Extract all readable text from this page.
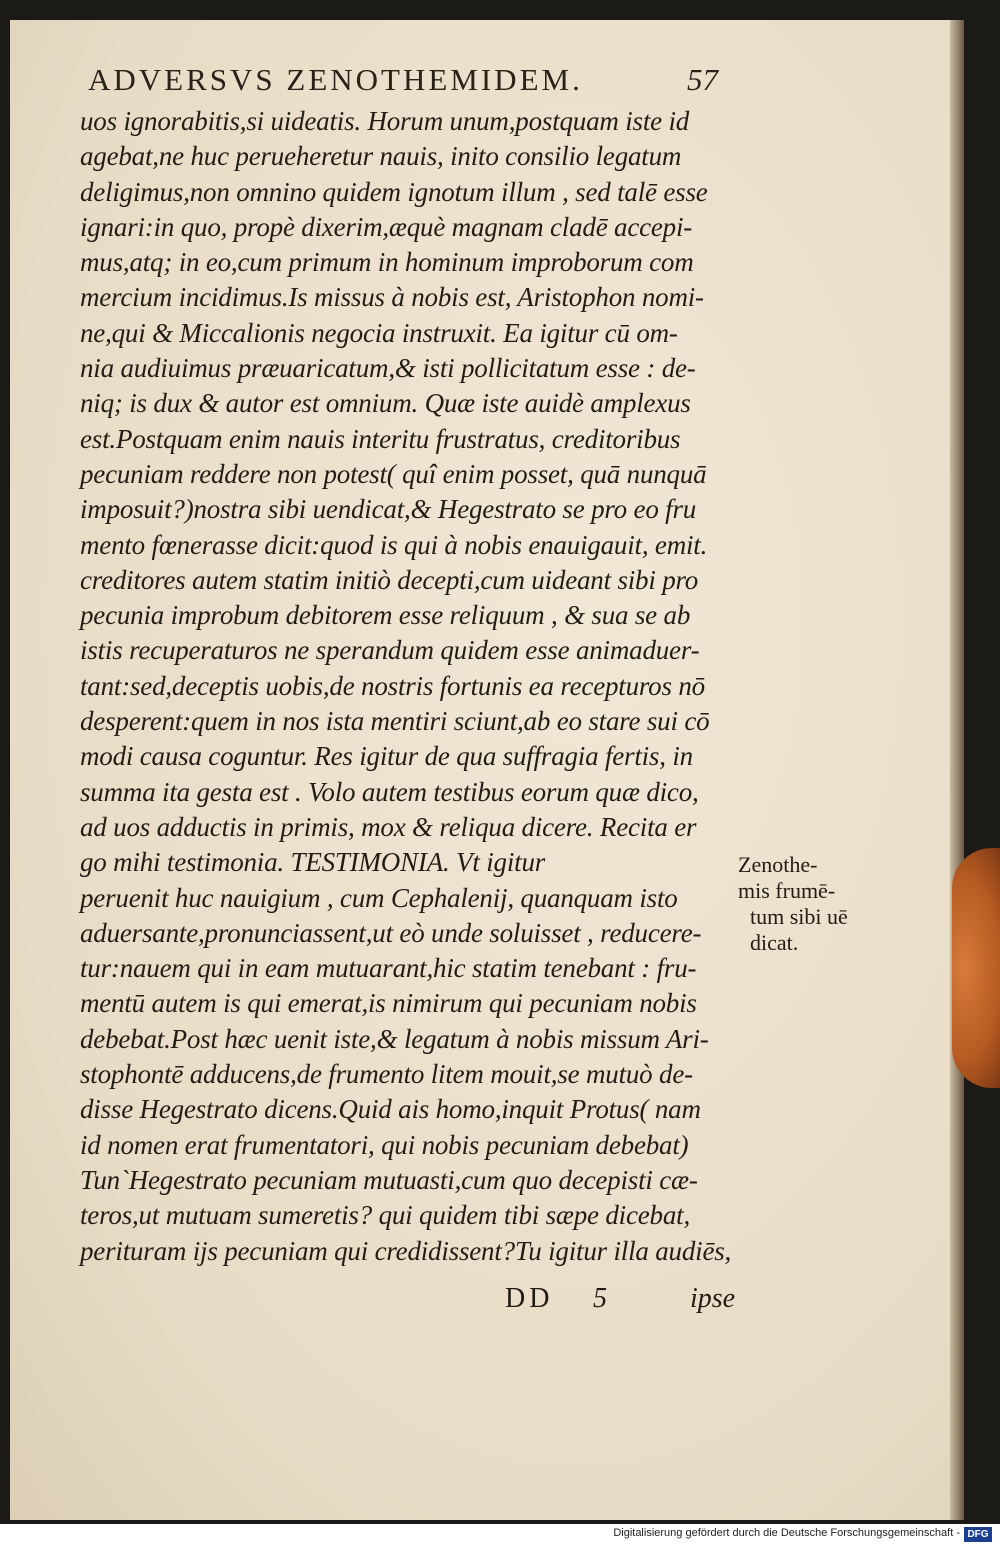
ADVERSVS ZENOTHEMIDEM.	57
uos ignorabitis,si uideatis. Horum unum,postquam iste id
agebat,ne huc perueheretur nauis, inito consilio legatum
deligimus,non omnino quidem ignotum illum , sed talē esse
ignari:in quo, propè dixerim,æquè magnam cladē accepi-
mus,atq; in eo,cum primum in hominum improborum com
mercium incidimus.Is missus à nobis est, Aristophon nomi-
ne,qui & Miccalionis negocia instruxit. Ea igitur cū om-
nia audiuimus præuaricatum,& isti pollicitatum esse : de-
niq; is dux & autor est omnium. Quæ iste auidè amplexus
est.Postquam enim nauis interitu frustratus, creditoribus
pecuniam reddere non potest( quî enim posset, quā nunquā
imposuit?)nostra sibi uendicat,& Hegestrato se pro eo fru
mento fœnerasse dicit:quod is qui à nobis enauigauit, emit.
creditores autem statim initiò decepti,cum uideant sibi pro
pecunia improbum debitorem esse reliquum , & sua se ab
istis recuperaturos ne sperandum quidem esse animaduer-
tant:sed,deceptis uobis,de nostris fortunis ea recepturos nō
desperent:quem in nos ista mentiri sciunt,ab eo stare sui cō
modi causa coguntur. Res igitur de qua suffragia fertis, in
summa ita gesta est . Volo autem testibus eorum quæ dico,
ad uos adductis in primis, mox & reliqua dicere. Recita er
go mihi testimonia. TESTIMONIA. Vt igitur
peruenit huc nauigium , cum Cephalenij, quanquam isto
aduersante,pronunciassent,ut eò unde soluisset , reducere-
tur:nauem qui in eam mutuarant,hic statim tenebant : fru-
mentū autem is qui emerat,is nimirum qui pecuniam nobis
debebat.Post hæc uenit iste,& legatum à nobis missum Ari-
stophontē adducens,de frumento litem mouit,se mutuò de-
disse Hegestrato dicens.Quid ais homo,inquit Protus( nam
id nomen erat frumentatori, qui nobis pecuniam debebat)
Tun`Hegestrato pecuniam mutuasti,cum quo decepisti cæ-
teros,ut mutuam sumeretis? qui quidem tibi sæpe dicebat,
perituram ijs pecuniam qui credidissent?Tu igitur illa audiēs,
Zenothe-
mis frumē-
tum sibi uē
dicat.
DD 5	ipse
Digitalisierung gefördert durch die Deutsche Forschungsgemeinschaft - DFG
